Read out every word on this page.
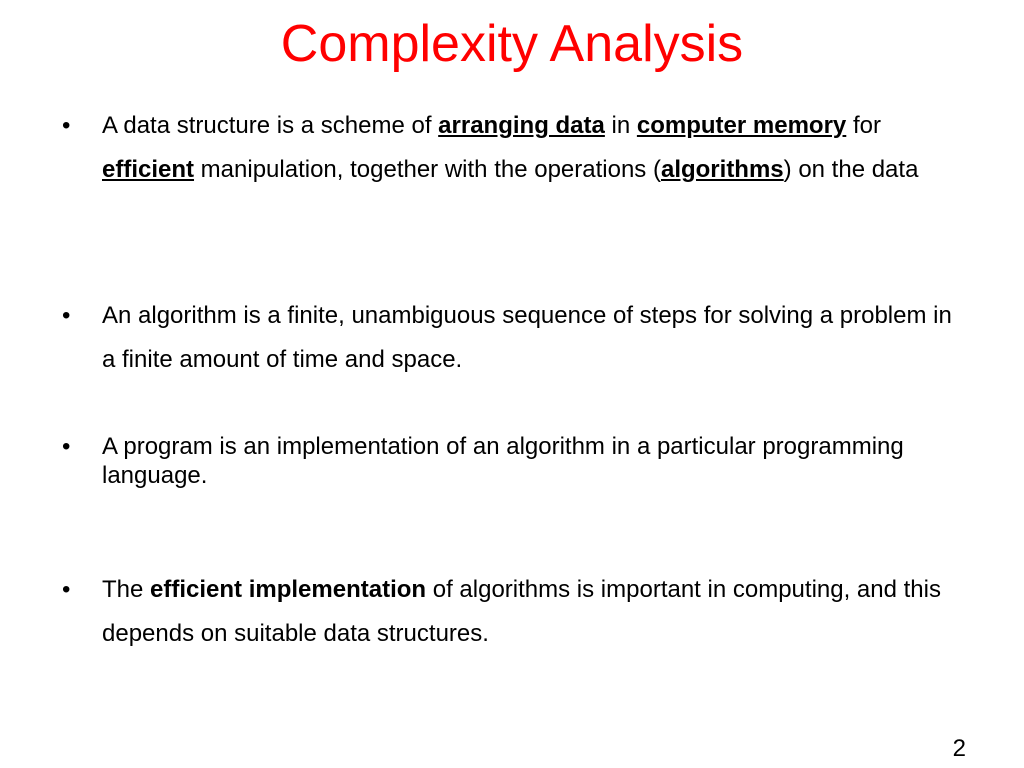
Complexity Analysis
•	A data structure is a scheme of arranging data in computer memory for efficient manipulation, together with the operations (algorithms) on the data
•	An algorithm is a finite, unambiguous sequence of steps for solving a problem in a finite amount of time and space.
•	A program is an implementation of an algorithm in a particular programming language.
•	The efficient implementation of algorithms is important in computing, and this depends on suitable data structures.
2
